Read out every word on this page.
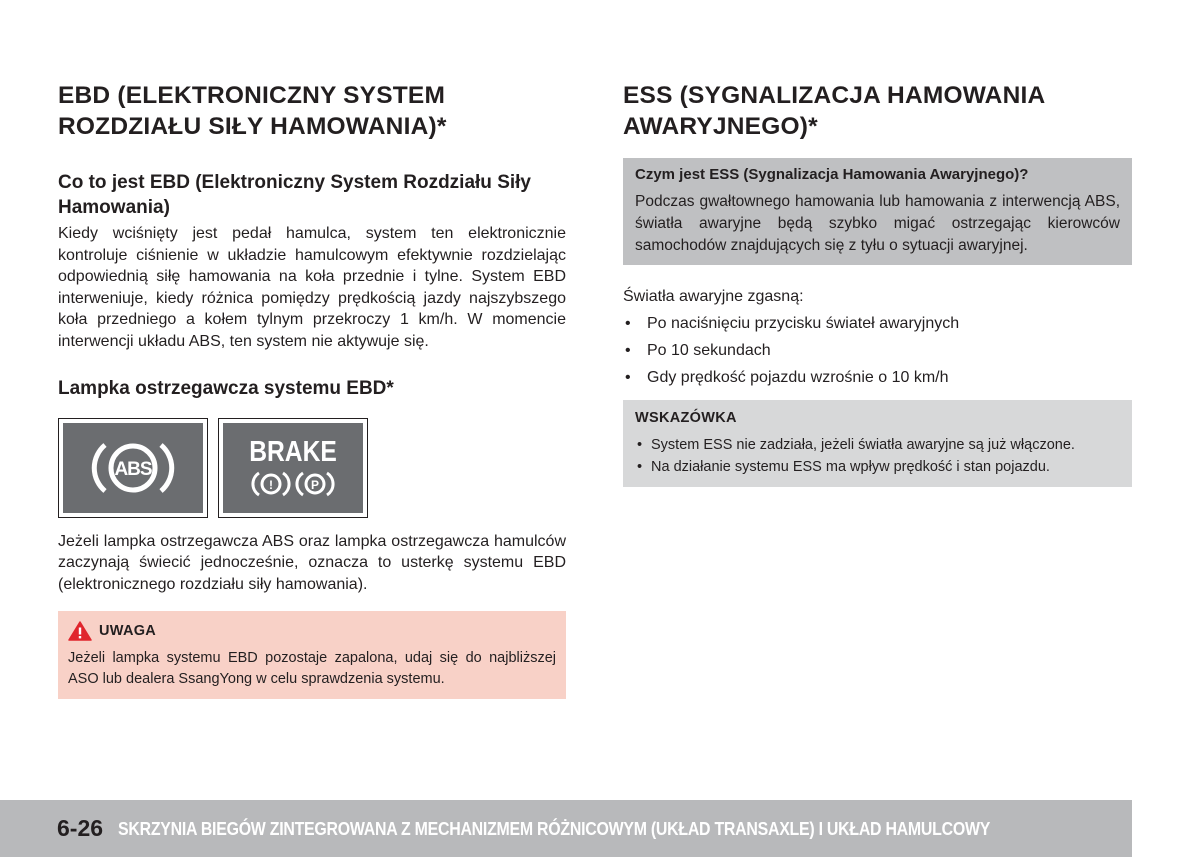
EBD (ELEKTRONICZNY SYSTEM
ROZDZIAŁU SIŁY HAMOWANIA)*
Co to jest EBD (Elektroniczny System Rozdziału Siły Hamowania)

Kiedy wciśnięty jest pedał hamulca, system ten elektronicznie kontroluje ciśnienie w układzie hamulcowym efektywnie rozdzielając odpowiednią siłę hamowania na koła przednie i tylne. System EBD interweniuje, kiedy różnica pomiędzy prędkością jazdy najszybszego koła przedniego a kołem tylnym przekroczy 1 km/h. W momencie interwencji układu ABS, ten system nie aktywuje się.

Lampka ostrzegawcza systemu EBD*
ABS
BRAKE
!	P

Jeżeli lampka ostrzegawcza ABS oraz lampka ostrzegawcza hamulców zaczynają świecić jednocześnie, oznacza to usterkę systemu EBD (elektronicznego rozdziału siły hamowania).

UWAGA
Jeżeli lampka systemu EBD pozostaje zapalona, udaj się do najbliższej ASO lub dealera SsangYong w celu sprawdzenia systemu.
ESS (SYGNALIZACJA HAMOWANIA
AWARYJNEGO)*
Czym jest ESS (Sygnalizacja Hamowania Awaryjnego)?
Podczas gwałtownego hamowania lub hamowania z interwencją ABS, światła awaryjne będą szybko migać ostrzegając kierowców samochodów znajdujących się z tyłu o sytuacji awaryjnej.

Światła awaryjne zgasną:

• Po naciśnięciu przycisku świateł awaryjnych
• Po 10 sekundach
• Gdy prędkość pojazdu wzrośnie o 10 km/h
WSKAZÓWKA
• System ESS nie zadziała, jeżeli światła awaryjne są już włączone.
• Na działanie systemu ESS ma wpływ prędkość i stan pojazdu.
6-26 SKRZYNIA BIEGÓW ZINTEGROWANA Z MECHANIZMEM RÓŻNICOWYM (UKŁAD TRANSAXLE) I UKŁAD HAMULCOWY
